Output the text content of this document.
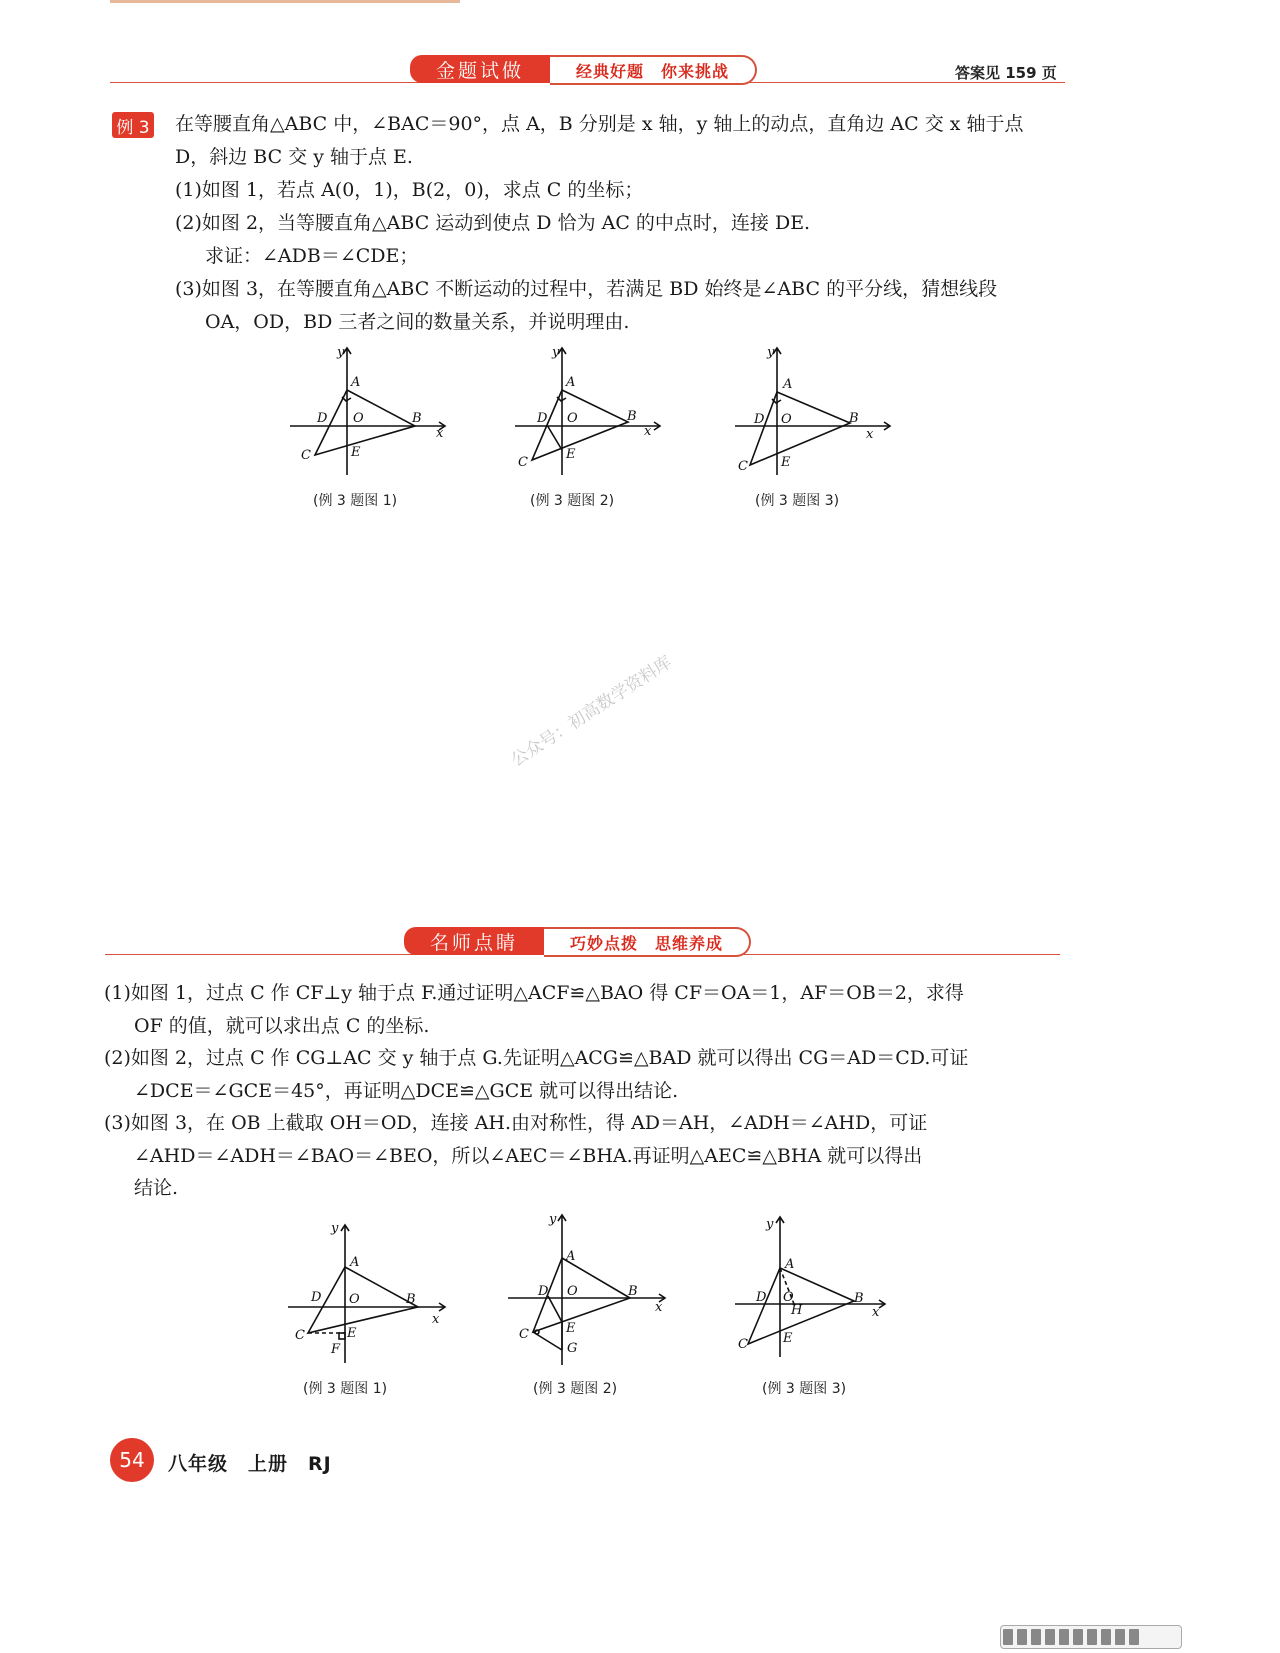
金题试做	经典好题　你来挑战	答案见 159 页
例 3 在等腰直角△ABC 中，∠BAC＝90°，点 A，B 分别是 x 轴，y 轴上的动点，直角边 AC 交 x 轴于点
D，斜边 BC 交 y 轴于点 E.
(1)如图 1，若点 A(0，1)，B(2，0)，求点 C 的坐标；
(2)如图 2，当等腰直角△ABC 运动到使点 D 恰为 AC 的中点时，连接 DE.
求证：∠ADB＝∠CDE；
(3)如图 3，在等腰直角△ABC 不断运动的过程中，若满足 BD 始终是∠ABC 的平分线，猜想线段
OA，OD，BD 三者之间的数量关系，并说明理由.
y
x
A
B
C
D
E
O
y
x
A
B
C
D
E
O
y
x
A
B
C
D
E
O
(例 3 题图 1)	(例 3 题图 2)	(例 3 题图 3)
公众号：初高数学资料库
名师点睛	巧妙点拨　思维养成
(1)如图 1，过点 C 作 CF⊥y 轴于点 F.通过证明△ACF≌△BAO 得 CF＝OA＝1，AF＝OB＝2，求得
OF 的值，就可以求出点 C 的坐标.
(2)如图 2，过点 C 作 CG⊥AC 交 y 轴于点 G.先证明△ACG≌△BAD 就可以得出 CG＝AD＝CD.可证
∠DCE＝∠GCE＝45°，再证明△DCE≌△GCE 就可以得出结论.
(3)如图 3，在 OB 上截取 OH＝OD，连接 AH.由对称性，得 AD＝AH，∠ADH＝∠AHD，可证
∠AHD＝∠ADH＝∠BAO＝∠BEO，所以∠AEC＝∠BHA.再证明△AEC≌△BHA 就可以得出
结论.
y
x
A
B
C
D
E
O
F
y
x
A
B
C
D
E
O
G
y
x
A
B
C
D
E
O
H
(例 3 题图 1)	(例 3 题图 2)	(例 3 题图 3)
54	八年级　上册　RJ
